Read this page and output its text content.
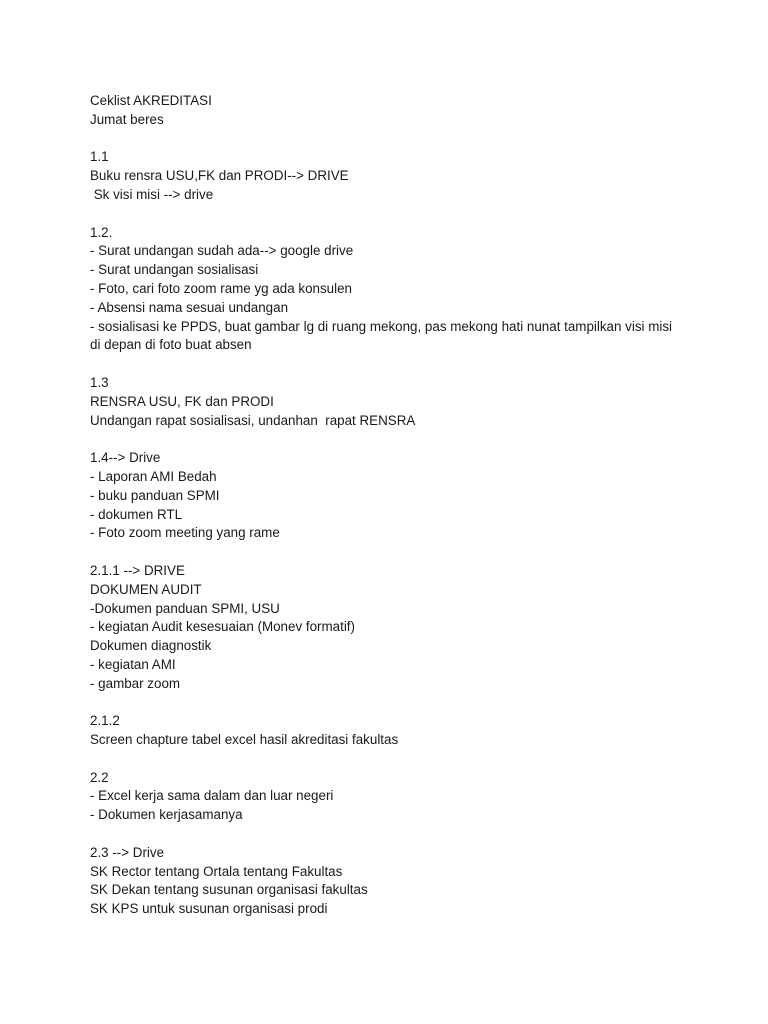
Ceklist AKREDITASI
Jumat beres
1.1
Buku rensra USU,FK dan PRODI--> DRIVE
Sk visi misi --> drive
1.2.
- Surat undangan sudah ada--> google drive
- Surat undangan sosialisasi
- Foto, cari foto zoom rame yg ada konsulen
- Absensi nama sesuai undangan
- sosialisasi ke PPDS, buat gambar lg di ruang mekong, pas mekong hati nunat tampilkan visi misi di depan di foto buat absen
1.3
RENSRA USU, FK dan PRODI
Undangan rapat sosialisasi, undanhan  rapat RENSRA
1.4--> Drive
- Laporan AMI Bedah
- buku panduan SPMI
- dokumen RTL
- Foto zoom meeting yang rame
2.1.1 --> DRIVE
DOKUMEN AUDIT
-Dokumen panduan SPMI, USU
- kegiatan Audit kesesuaian (Monev formatif)
Dokumen diagnostik
- kegiatan AMI
- gambar zoom
2.1.2
Screen chapture tabel excel hasil akreditasi fakultas
2.2
- Excel kerja sama dalam dan luar negeri
- Dokumen kerjasamanya
2.3 --> Drive
SK Rector tentang Ortala tentang Fakultas
SK Dekan tentang susunan organisasi fakultas
SK KPS untuk susunan organisasi prodi
